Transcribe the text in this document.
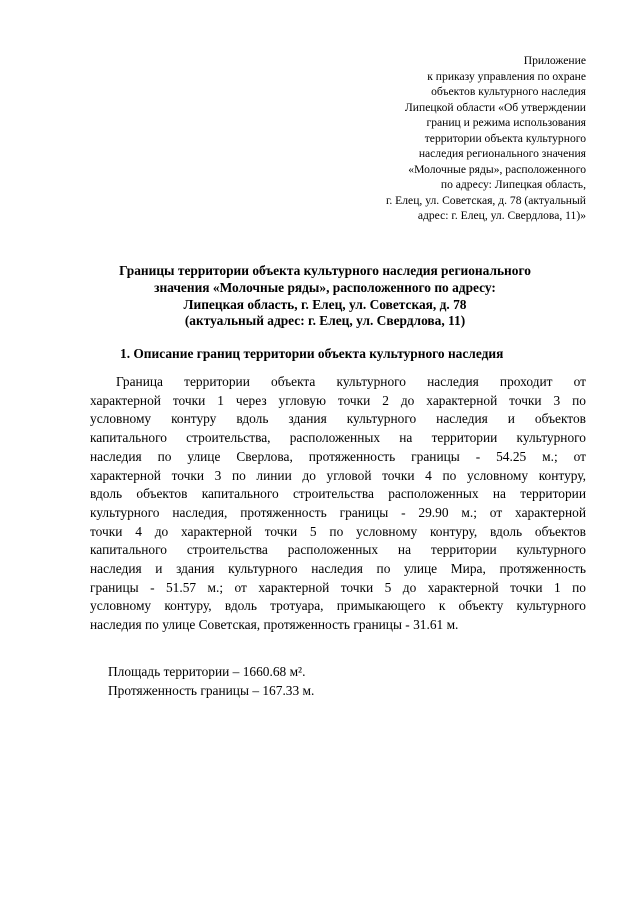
Приложение
к приказу управления по охране
объектов культурного наследия
Липецкой области «Об утверждении
границ и режима использования
территории объекта культурного
наследия регионального значения
«Молочные ряды», расположенного
по адресу: Липецкая область,
г. Елец, ул. Советская, д. 78 (актуальный
адрес: г. Елец, ул. Свердлова, 11)»
Границы территории объекта культурного наследия регионального
значения «Молочные ряды», расположенного по адресу:
Липецкая область, г. Елец, ул. Советская, д. 78
(актуальный адрес: г. Елец, ул. Свердлова, 11)
1. Описание границ территории объекта культурного наследия
Граница территории объекта культурного наследия проходит от
характерной точки 1 через угловую точки 2 до характерной точки 3 по
условному контуру вдоль здания культурного наследия и объектов
капитального строительства, расположенных на территории культурного
наследия по улице Сверлова, протяженность границы - 54.25 м.; от
характерной точки 3 по линии до угловой точки 4 по условному контуру,
вдоль объектов капитального строительства расположенных на территории
культурного наследия, протяженность границы - 29.90 м.; от характерной
точки 4 до характерной точки 5 по условному контуру, вдоль объектов
капитального строительства расположенных на территории культурного
наследия и здания культурного наследия по улице Мира, протяженность
границы - 51.57 м.; от характерной точки 5 до характерной точки 1 по
условному контуру, вдоль тротуара, примыкающего к объекту культурного
наследия по улице Советская, протяженность границы - 31.61 м.
Площадь территории – 1660.68 м².
Протяженность границы – 167.33 м.
